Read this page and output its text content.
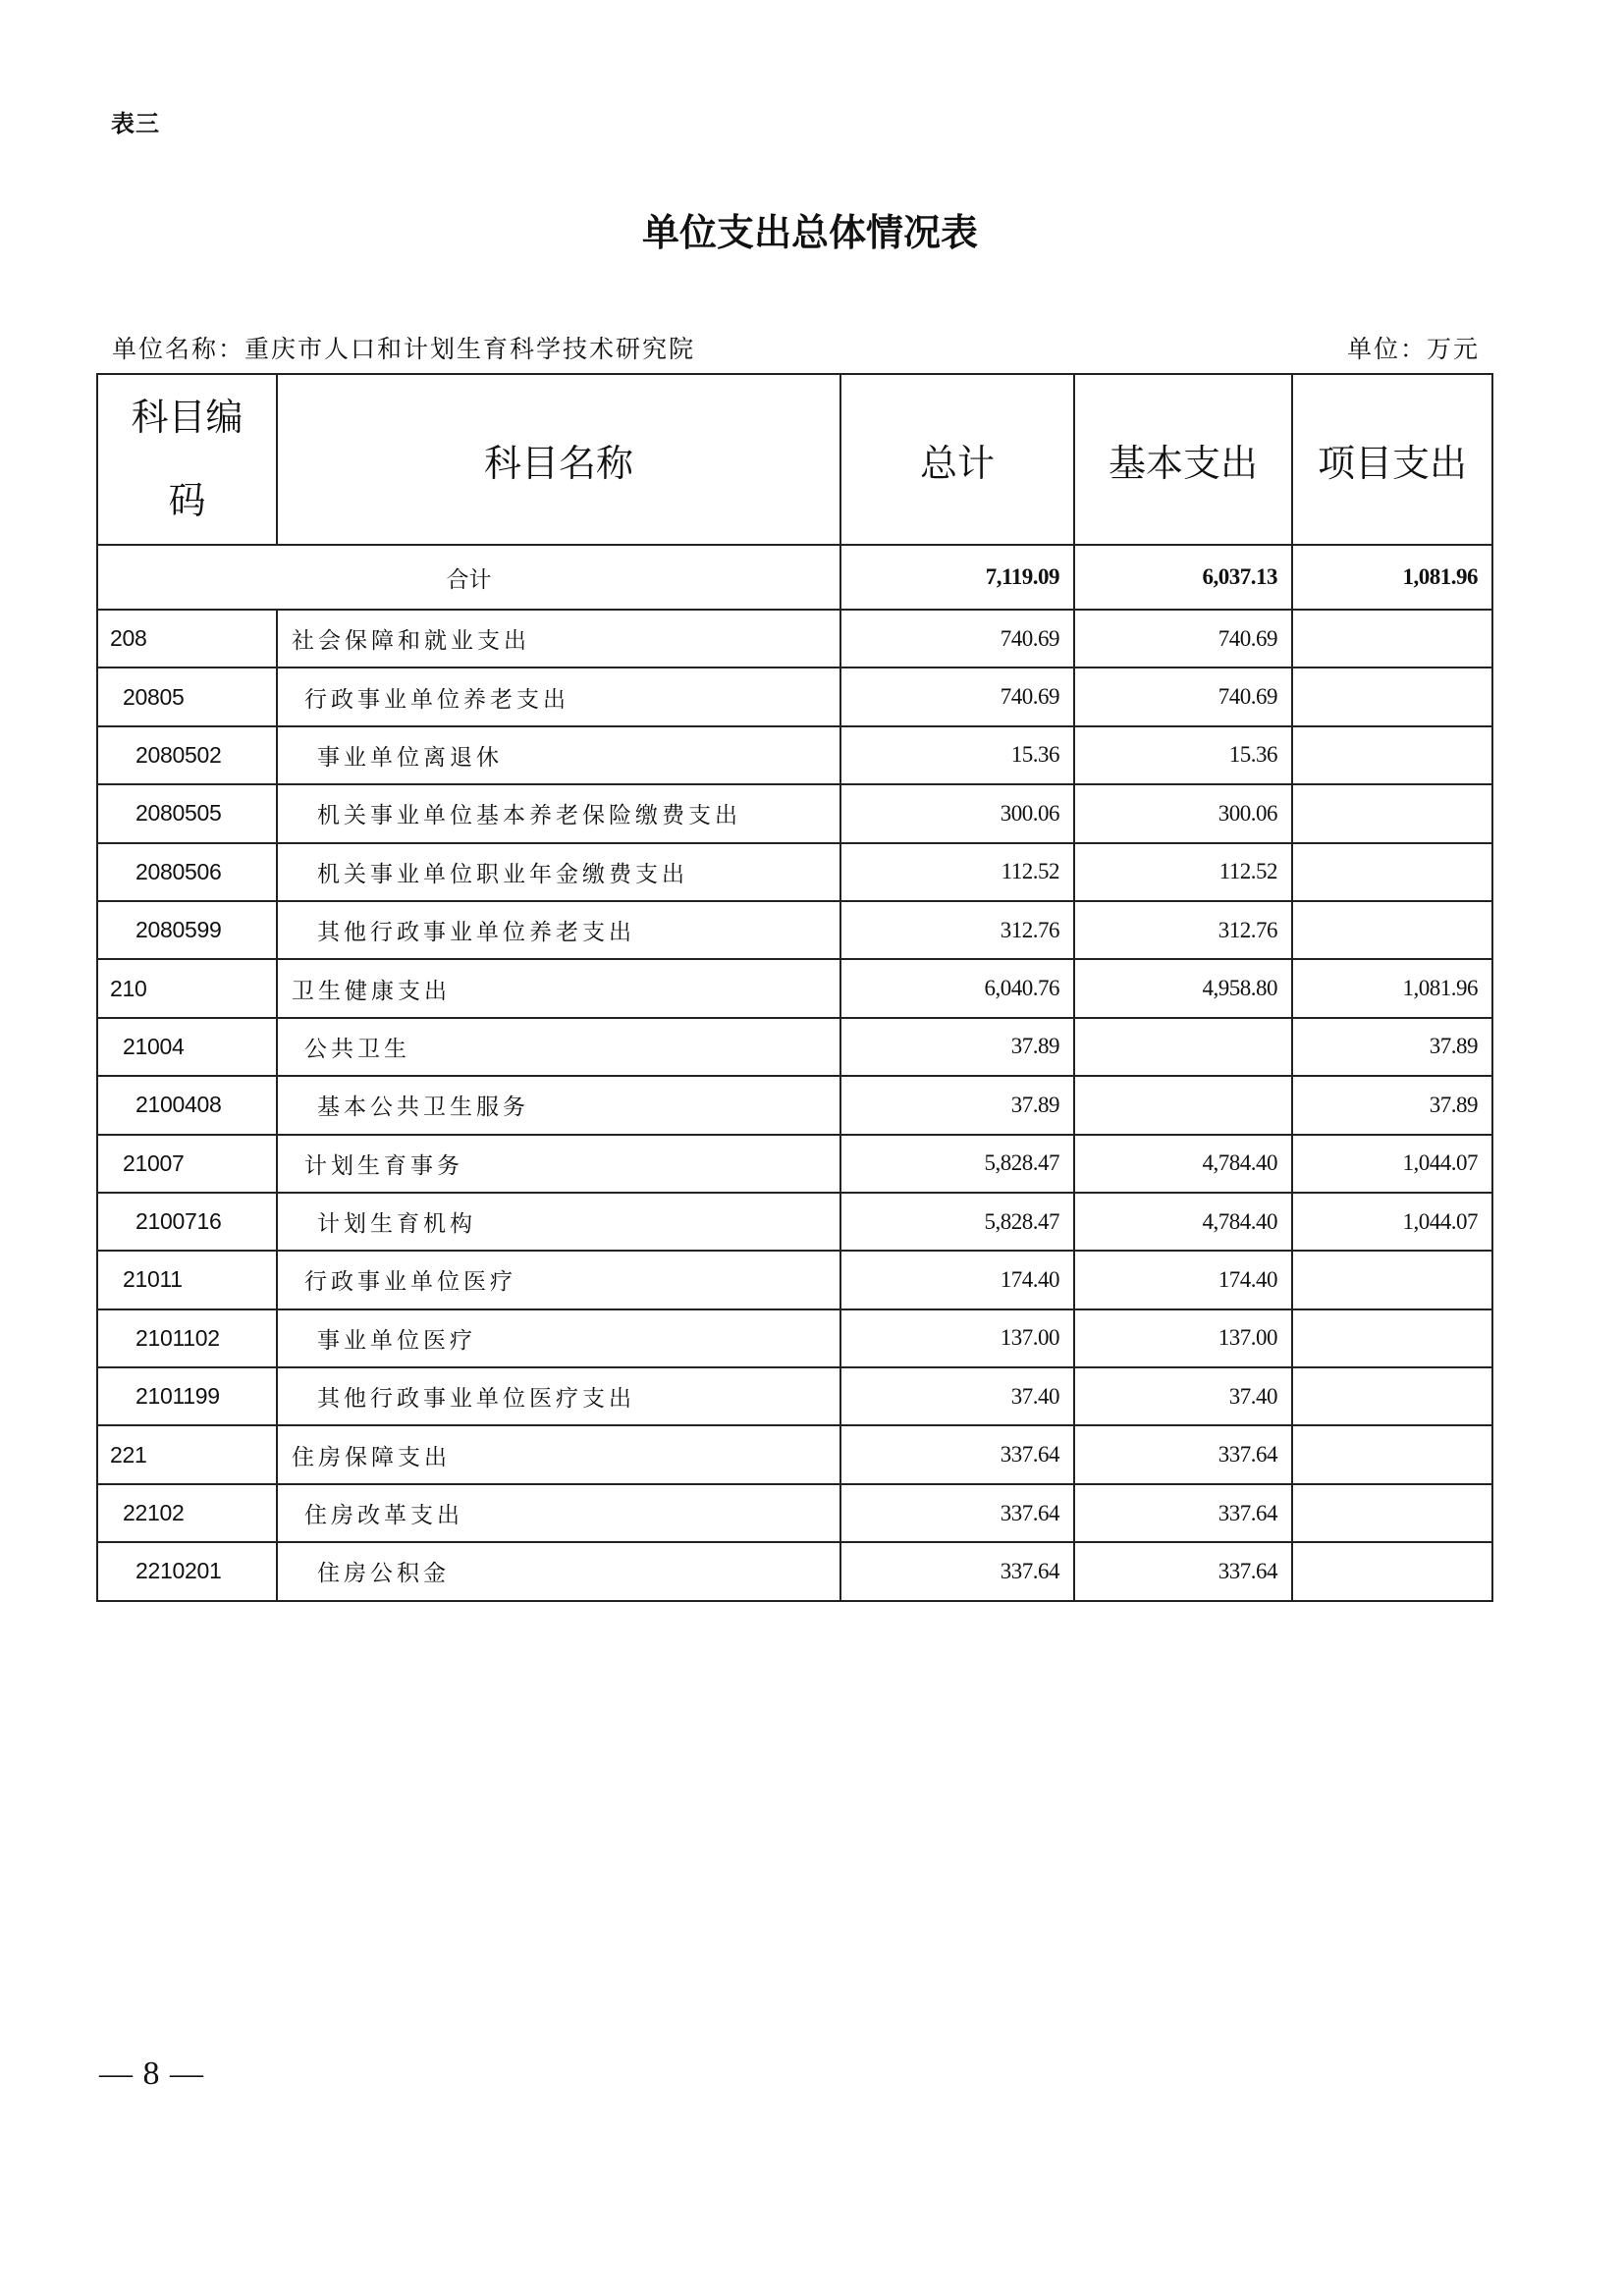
表三
单位支出总体情况表
单位名称：重庆市人口和计划生育科学技术研究院	单位：万元
科目编
码	科目名称	总计	基本支出	项目支出
合计		7,119.09	6,037.13	1,081.96
208	社会保障和就业支出	740.69	740.69	
20805	行政事业单位养老支出	740.69	740.69	
2080502	事业单位离退休	15.36	15.36	
2080505	机关事业单位基本养老保险缴费支出	300.06	300.06	
2080506	机关事业单位职业年金缴费支出	112.52	112.52	
2080599	其他行政事业单位养老支出	312.76	312.76	
210	卫生健康支出	6,040.76	4,958.80	1,081.96
21004	公共卫生	37.89		37.89
2100408	基本公共卫生服务	37.89		37.89
21007	计划生育事务	5,828.47	4,784.40	1,044.07
2100716	计划生育机构	5,828.47	4,784.40	1,044.07
21011	行政事业单位医疗	174.40	174.40	
2101102	事业单位医疗	137.00	137.00	
2101199	其他行政事业单位医疗支出	37.40	37.40	
221	住房保障支出	337.64	337.64	
22102	住房改革支出	337.64	337.64	
2210201	住房公积金	337.64	337.64	
— 8 —
